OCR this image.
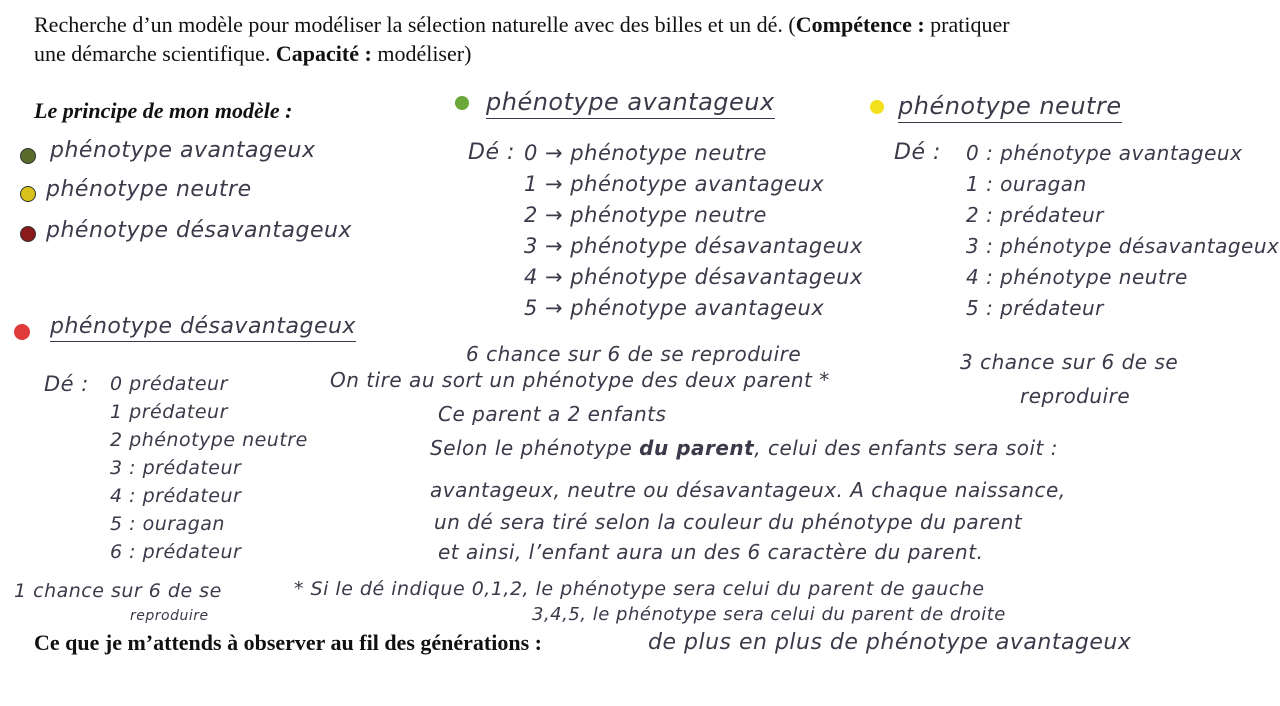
Recherche d’un modèle pour modéliser la sélection naturelle avec des billes et un dé. (Compétence : pratiquer
une démarche scientifique. Capacité : modéliser)
Le principe de mon modèle :
phénotype avantageux
phénotype neutre
phénotype désavantageux
phénotype avantageux
Dé : 0 → phénotype neutre
1 → phénotype avantageux
2 → phénotype neutre
3 → phénotype désavantageux
4 → phénotype désavantageux
5 → phénotype avantageux
6 chance sur 6 de se reproduire
phénotype neutre
Dé : 0 : phénotype avantageux
1 : ouragan
2 : prédateur
3 : phénotype désavantageux
4 : phénotype neutre
5 : prédateur
3 chance sur 6 de se
reproduire
phénotype désavantageux
Dé : 0 prédateur
1 prédateur
2 phénotype neutre
3 : prédateur
4 : prédateur
5 : ouragan
6 : prédateur
1 chance sur 6 de se
reproduire
On tire au sort un phénotype des deux parent *
Ce parent a 2 enfants
Selon le phénotype du parent, celui des enfants sera soit :
avantageux, neutre ou désavantageux. A chaque naissance,
un dé sera tiré selon la couleur du phénotype du parent
et ainsi, l’enfant aura un des 6 caractère du parent.
* Si le dé indique 0,1,2, le phénotype sera celui du parent de gauche
3,4,5, le phénotype sera celui du parent de droite
Ce que je m’attends à observer au fil des générations :	de plus en plus de phénotype avantageux
